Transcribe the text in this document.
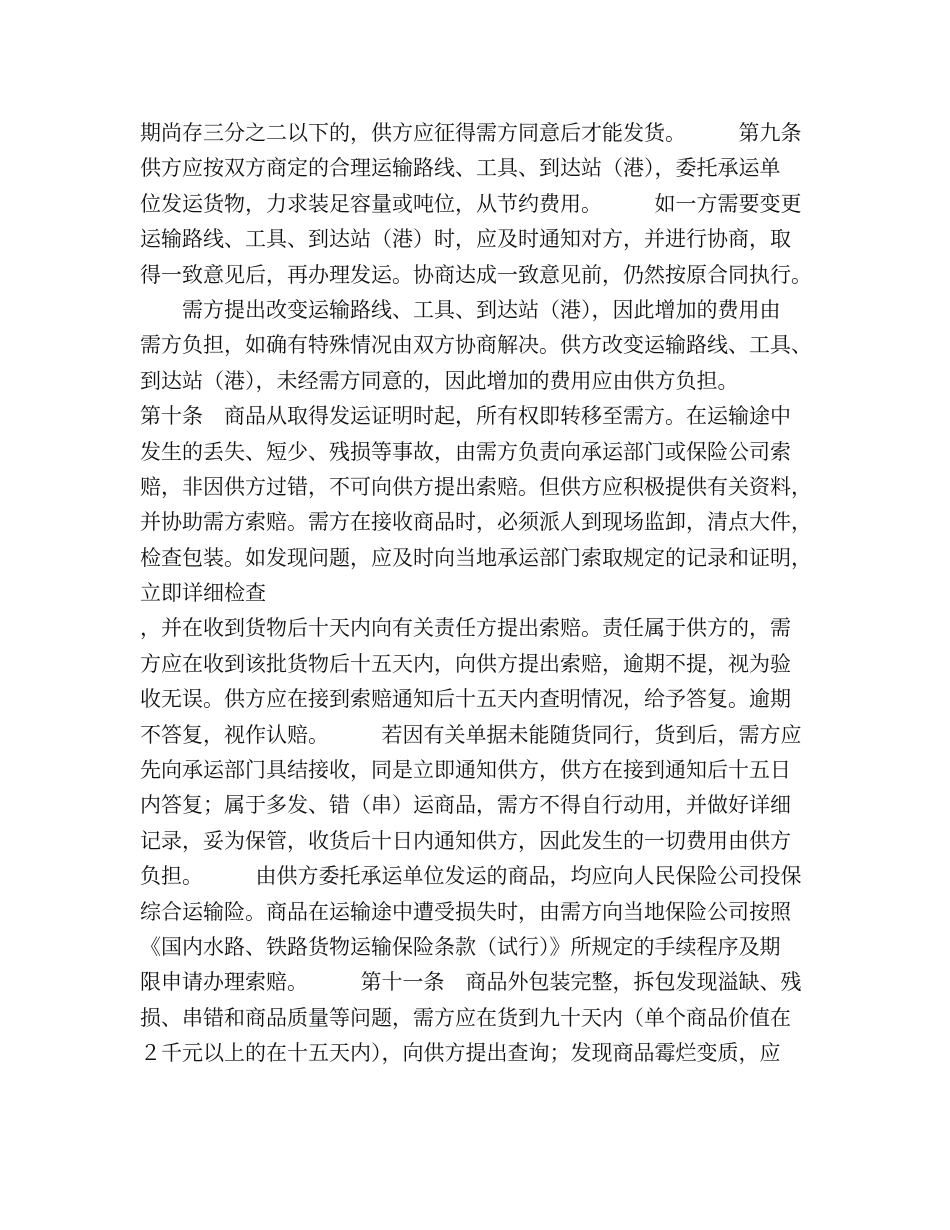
期尚存三分之二以下的，供方应征得需方同意后才能发货。　　　第九条
供方应按双方商定的合理运输路线、工具、到达站（港），委托承运单
位发运货物，力求装足容量或吨位，从节约费用。　　　如一方需要变更
运输路线、工具、到达站（港）时，应及时通知对方，并进行协商，取
得一致意见后，再办理发运。协商达成一致意见前，仍然按原合同执行。
　　需方提出改变运输路线、工具、到达站（港），因此增加的费用由
需方负担，如确有特殊情况由双方协商解决。供方改变运输路线、工具、
到达站（港），未经需方同意的，因此增加的费用应由供方负担。
第十条　商品从取得发运证明时起，所有权即转移至需方。在运输途中
发生的丢失、短少、残损等事故，由需方负责向承运部门或保险公司索
赔，非因供方过错，不可向供方提出索赔。但供方应积极提供有关资料，
并协助需方索赔。需方在接收商品时，必须派人到现场监卸，清点大件，
检查包装。如发现问题，应及时向当地承运部门索取规定的记录和证明，
立即详细检查
，并在收到货物后十天内向有关责任方提出索赔。责任属于供方的，需
方应在收到该批货物后十五天内，向供方提出索赔，逾期不提，视为验
收无误。供方应在接到索赔通知后十五天内查明情况，给予答复。逾期
不答复，视作认赔。　　　若因有关单据未能随货同行，货到后，需方应
先向承运部门具结接收，同是立即通知供方，供方在接到通知后十五日
内答复；属于多发、错（串）运商品，需方不得自行动用，并做好详细
记录，妥为保管，收货后十日内通知供方，因此发生的一切费用由供方
负担。　　　由供方委托承运单位发运的商品，均应向人民保险公司投保
综合运输险。商品在运输途中遭受损失时，由需方向当地保险公司按照
《国内水路、铁路货物运输保险条款（试行）》所规定的手续程序及期
限申请办理索赔。　　　第十一条　商品外包装完整，拆包发现溢缺、残
损、串错和商品质量等问题，需方应在货到九十天内（单个商品价值在
２千元以上的在十五天内），向供方提出查询；发现商品霉烂变质，应
